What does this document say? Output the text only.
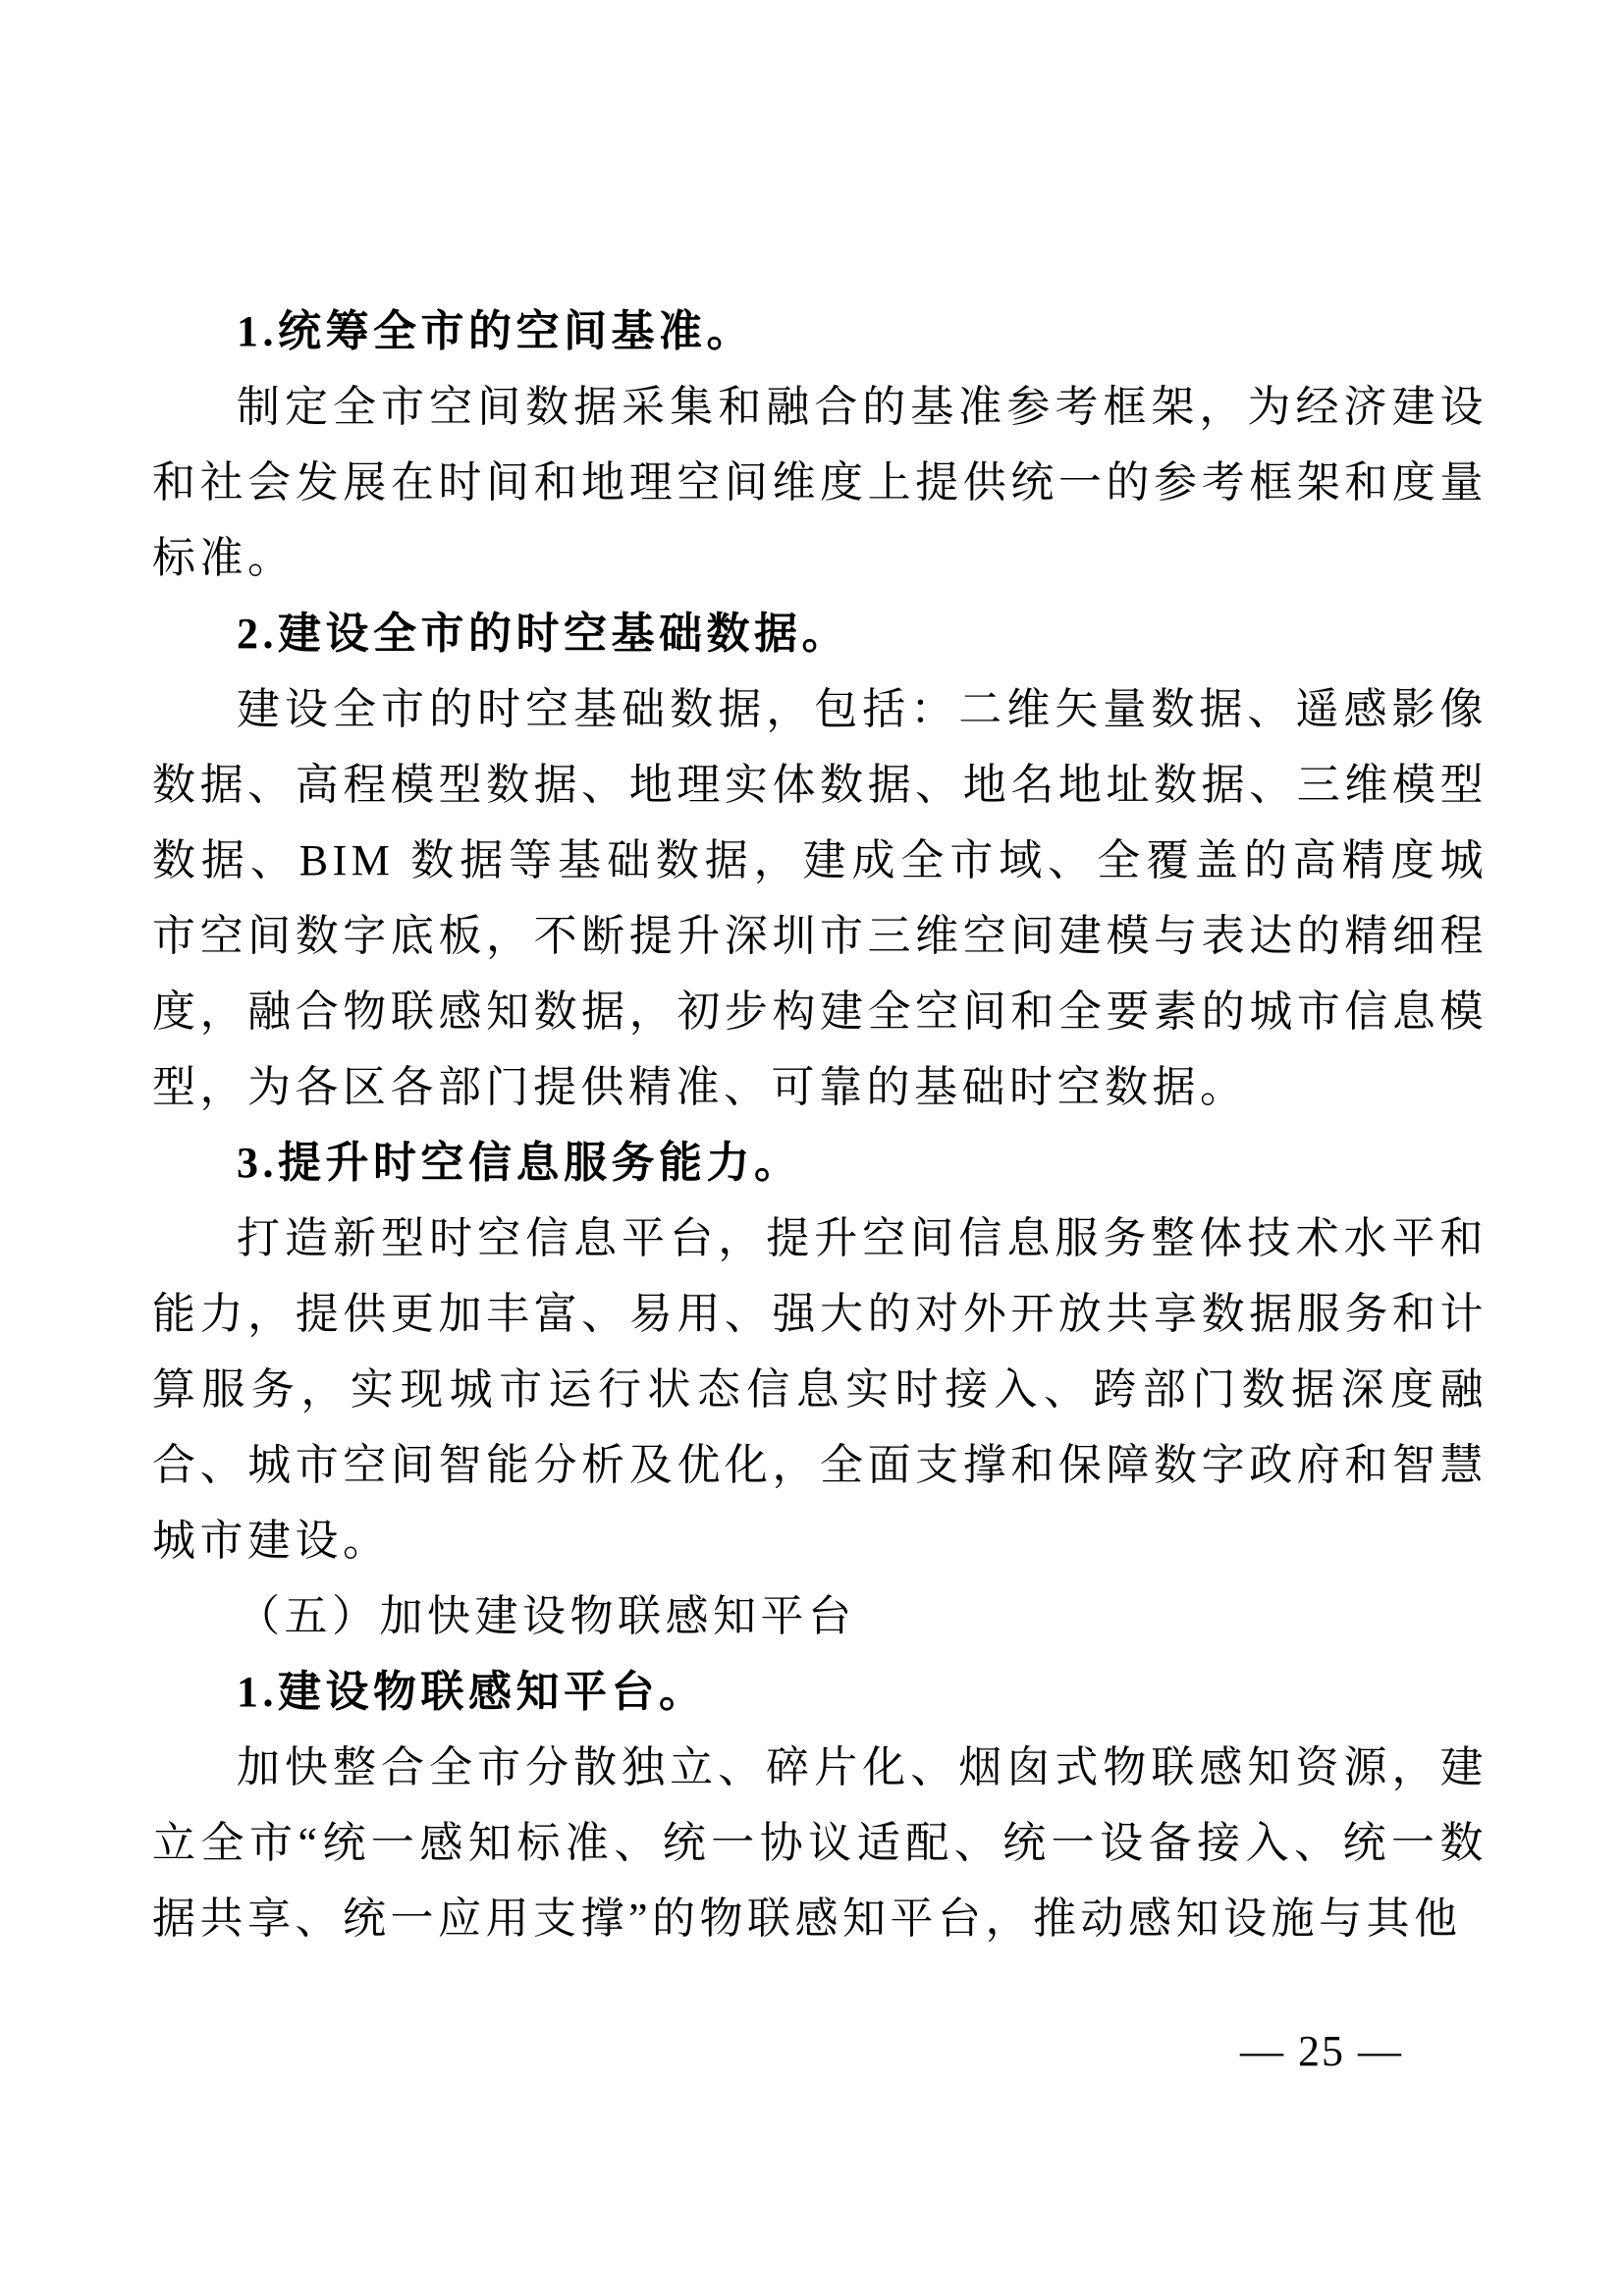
1.统筹全市的空间基准。

制定全市空间数据采集和融合的基准参考框架，为经济建设和社会发展在时间和地理空间维度上提供统一的参考框架和度量标准。

2.建设全市的时空基础数据。

建设全市的时空基础数据，包括：二维矢量数据、遥感影像数据、高程模型数据、地理实体数据、地名地址数据、三维模型数据、BIM 数据等基础数据，建成全市域、全覆盖的高精度城市空间数字底板，不断提升深圳市三维空间建模与表达的精细程度，融合物联感知数据，初步构建全空间和全要素的城市信息模型，为各区各部门提供精准、可靠的基础时空数据。

3.提升时空信息服务能力。

打造新型时空信息平台，提升空间信息服务整体技术水平和能力，提供更加丰富、易用、强大的对外开放共享数据服务和计算服务，实现城市运行状态信息实时接入、跨部门数据深度融合、城市空间智能分析及优化，全面支撑和保障数字政府和智慧城市建设。

（五）加快建设物联感知平台

1.建设物联感知平台。

加快整合全市分散独立、碎片化、烟囱式物联感知资源，建立全市“统一感知标准、统一协议适配、统一设备接入、统一数据共享、统一应用支撑”的物联感知平台，推动感知设施与其他

— 25 —
